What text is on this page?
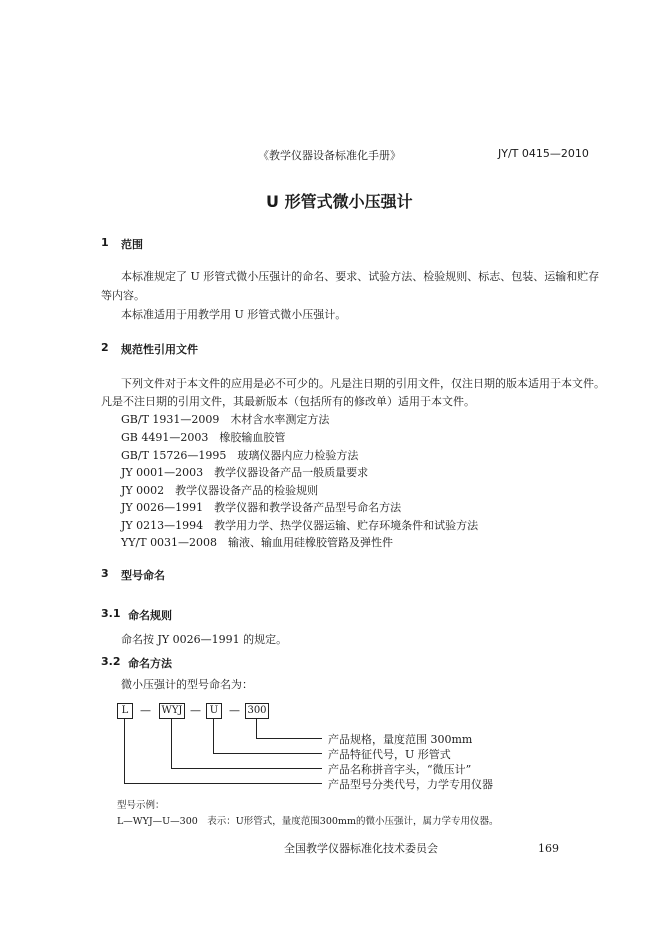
《教学仪器设备标准化手册》	JY/T 0415—2010
U 形管式微小压强计
1 范围
本标准规定了 U 形管式微小压强计的命名、要求、试验方法、检验规则、标志、包装、运输和贮存
等内容。
本标准适用于用教学用 U 形管式微小压强计。
2 规范性引用文件
下列文件对于本文件的应用是必不可少的。凡是注日期的引用文件，仅注日期的版本适用于本文件。
凡是不注日期的引用文件，其最新版本（包括所有的修改单）适用于本文件。
GB/T 1931—2009　木材含水率测定方法
GB 4491—2003　橡胶输血胶管
GB/T 15726—1995　玻璃仪器内应力检验方法
JY 0001—2003　教学仪器设备产品一般质量要求
JY 0002　教学仪器设备产品的检验规则
JY 0026—1991　教学仪器和教学设备产品型号命名方法
JY 0213—1994　教学用力学、热学仪器运输、贮存环境条件和试验方法
YY/T 0031—2008　输液、输血用硅橡胶管路及弹性件
3 型号命名
3.1 命名规则
命名按 JY 0026—1991 的规定。
3.2 命名方法
微小压强计的型号命名为：
L	— WYJ — U — 300
产品规格，量度范围 300mm
产品特征代号，U 形管式
产品名称拼音字头，“微压计”
产品型号分类代号，力学专用仪器
型号示例：
L—WYJ—U—300　表示：U形管式，量度范围300mm的微小压强计，属力学专用仪器。
全国教学仪器标准化技术委员会	169
